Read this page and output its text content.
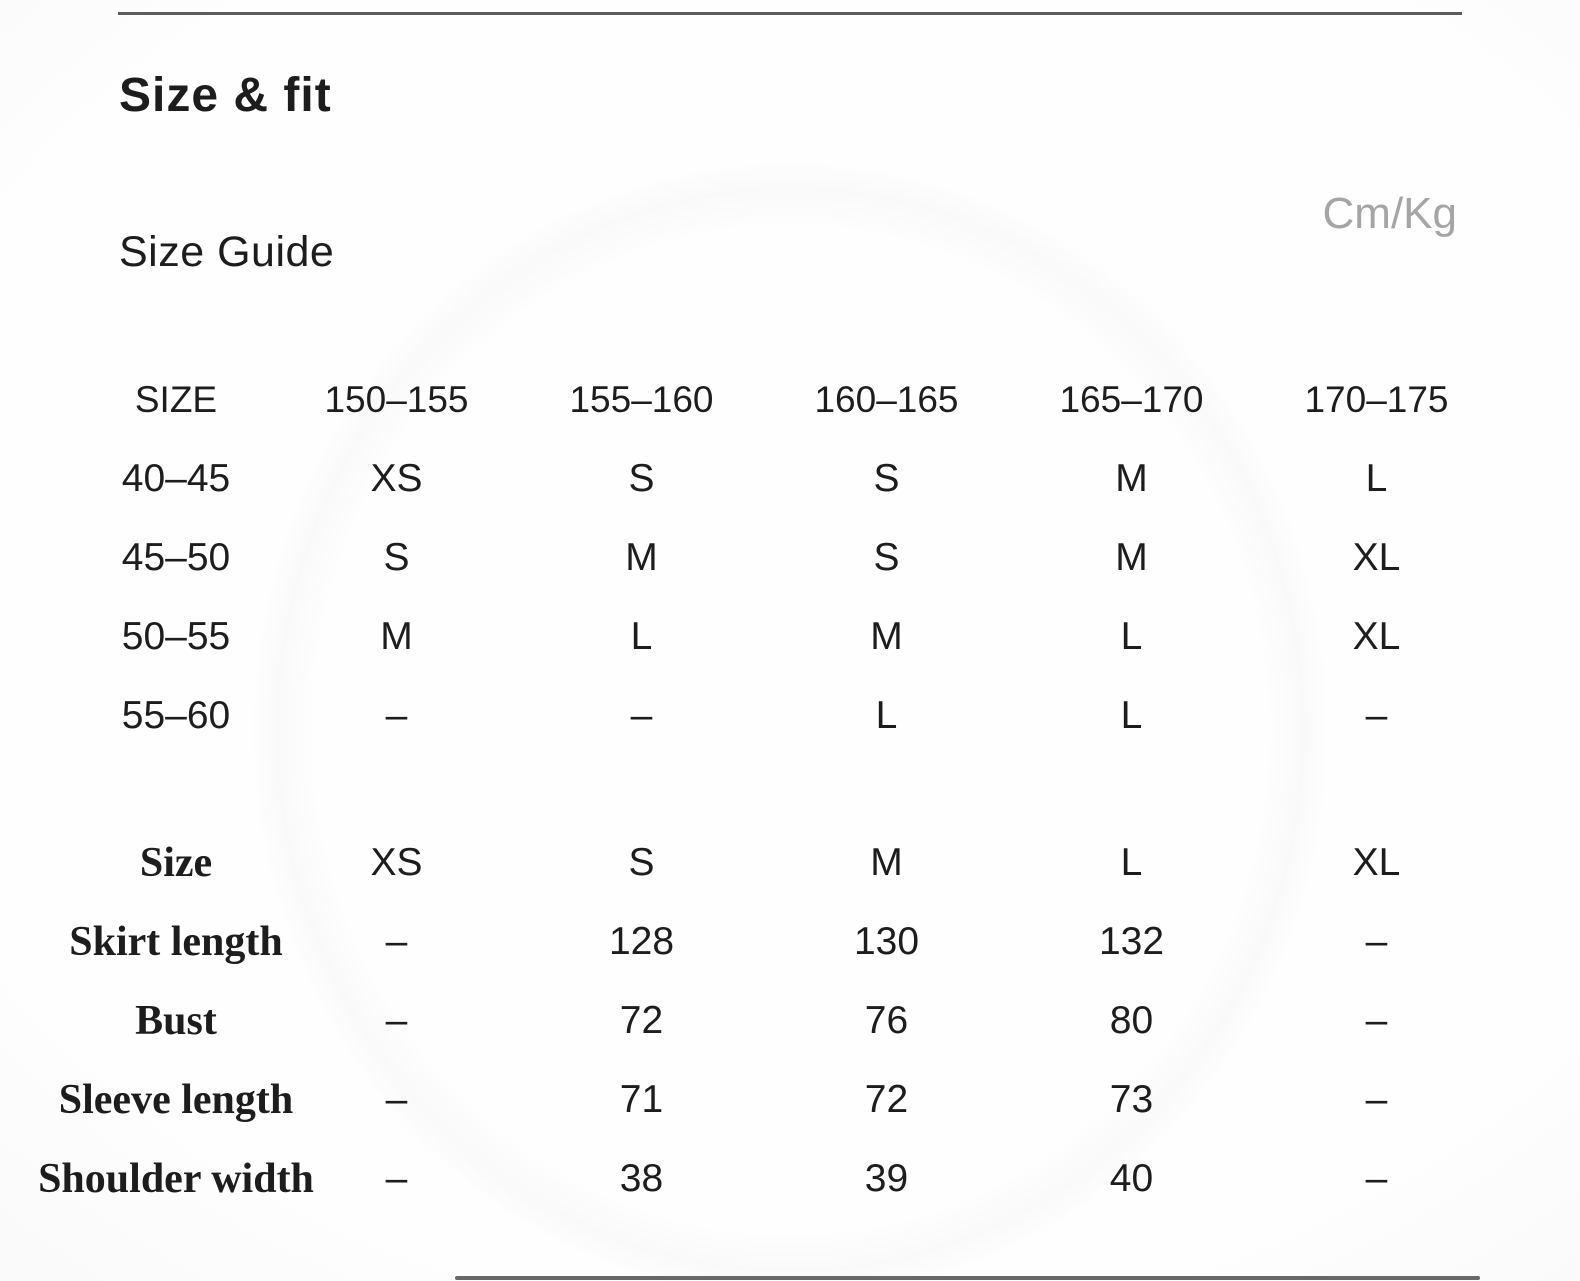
Size & fit
Size Guide
Cm/Kg
SIZE	150–155	155–160	160–165	165–170	170–175
40–45	XS	S	S	M	L
45–50	S	M	S	M	XL
50–55	M	L	M	L	XL
55–60	–	–	L	L	–
Size	XS	S	M	L	XL
Skirt length	–	128	130	132	–
Bust	–	72	76	80	–
Sleeve length	–	71	72	73	–
Shoulder width	–	38	39	40	–
